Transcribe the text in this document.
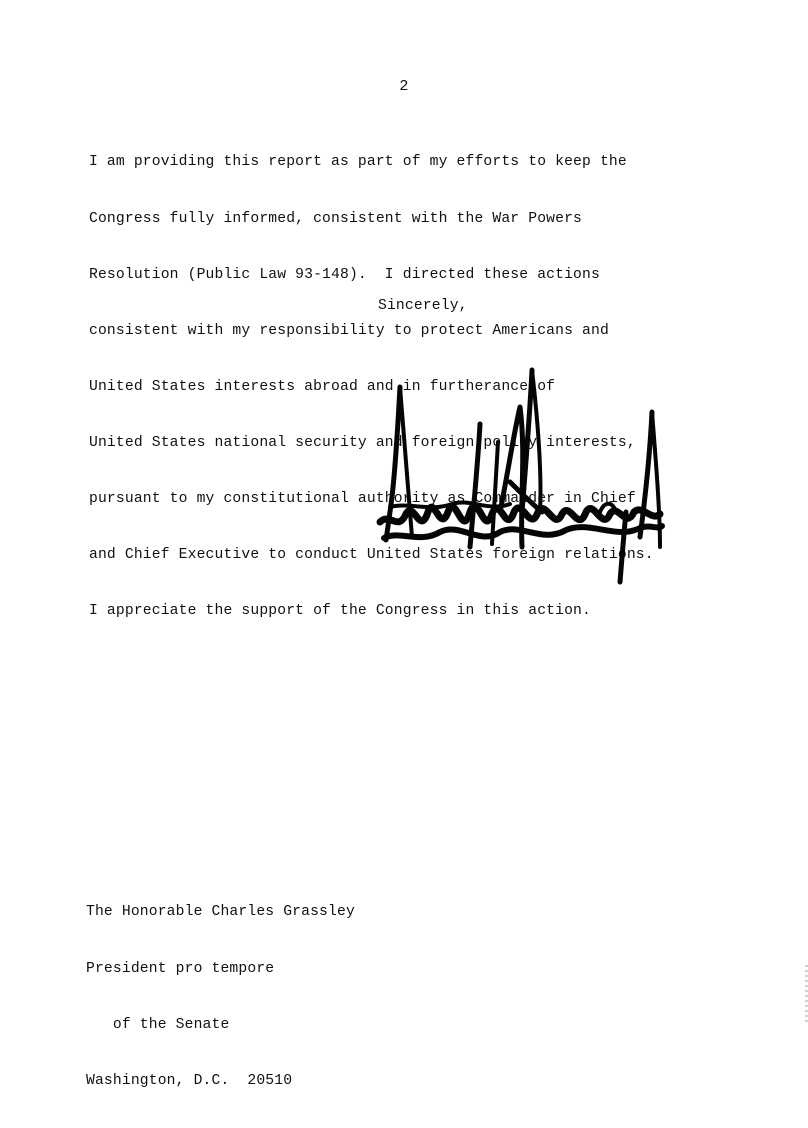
2

I am providing this report as part of my efforts to keep the

Congress fully informed, consistent with the War Powers

Resolution (Public Law 93-148).  I directed these actions

consistent with my responsibility to protect Americans and

United States interests abroad and in furtherance of

United States national security and foreign policy interests,

pursuant to my constitutional authority as Commander in Chief

and Chief Executive to conduct United States foreign relations.

I appreciate the support of the Congress in this action.

Sincerely,

The Honorable Charles Grassley

President pro tempore

of the Senate

Washington, D.C.  20510
